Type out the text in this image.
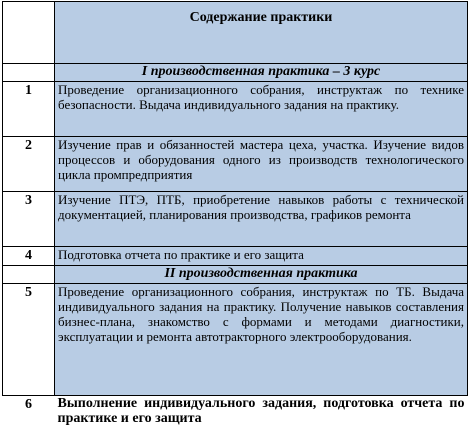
	Содержание практики
	I производственная практика – 3 курс
1	Проведение организационного собрания, инструктаж по технике безопасности. Выдача индивидуального задания на практику.
2	Изучение прав и обязанностей мастера цеха, участка. Изучение видов процессов и оборудования одного из производств технологического цикла промпредприятия
3	Изучение ПТЭ, ПТБ, приобретение навыков работы с технической документацией, планирования производства, графиков ремонта
4	Подготовка отчета по практике и его защита
	II производственная практика
5	Проведение организационного собрания, инструктаж по ТБ. Выдача индивидуального задания на практику. Получение навыков составления бизнес-плана, знакомство с формами и методами диагностики, эксплуатации и ремонта автотракторного электрооборудования.
6	Выполнение индивидуального задания, подготовка отчета по практике и его защита
